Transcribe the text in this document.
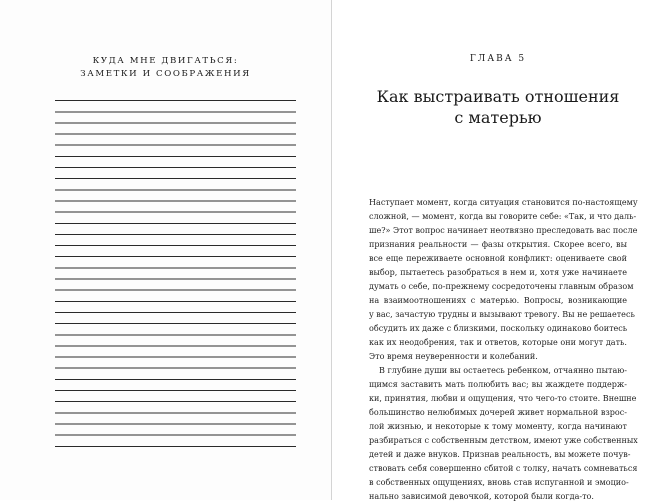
КУДА МНЕ ДВИГАТЬСЯ:
ЗАМЕТКИ И СООБРАЖЕНИЯ
ГЛАВА 5
Как выстраивать отношения
с матерью
Наступает момент, когда ситуация становится по-настоящему
сложной, — момент, когда вы говорите себе: «Так, и что даль-
ше?» Этот вопрос начинает неотвязно преследовать вас после
признания реальности — фазы открытия. Скорее всего, вы
все еще переживаете основной конфликт: оцениваете свой
выбор, пытаетесь разобраться в нем и, хотя уже начинаете
думать о себе, по-прежнему сосредоточены главным образом
на взаимоотношениях с матерью. Вопросы, возникающие
у вас, зачастую трудны и вызывают тревогу. Вы не решаетесь
обсудить их даже с близкими, поскольку одинаково боитесь
как их неодобрения, так и ответов, которые они могут дать.
Это время неуверенности и колебаний.
В глубине души вы остаетесь ребенком, отчаянно пытаю-
щимся заставить мать полюбить вас; вы жаждете поддерж-
ки, принятия, любви и ощущения, что чего-то стоите. Внешне
большинство нелюбимых дочерей живет нормальной взрос-
лой жизнью, и некоторые к тому моменту, когда начинают
разбираться с собственным детством, имеют уже собственных
детей и даже внуков. Признав реальность, вы можете почув-
ствовать себя совершенно сбитой с толку, начать сомневаться
в собственных ощущениях, вновь став испуганной и эмоцио-
нально зависимой девочкой, которой были когда-то.
